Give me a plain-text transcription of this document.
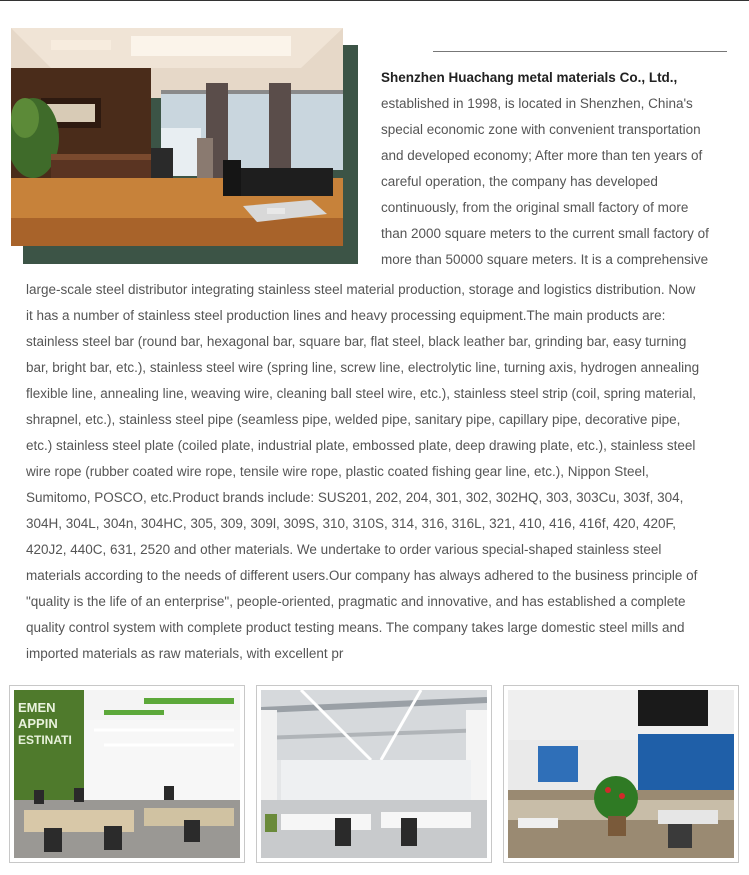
Shenzhen Huachang metal materials Co., Ltd.,
established in 1998, is located in Shenzhen, China's
special economic zone with convenient transportation
and developed economy; After more than ten years of
careful operation, the company has developed
continuously, from the original small factory of more
than 2000 square meters to the current small factory of
more than 50000 square meters. It is a comprehensive
large-scale steel distributor integrating stainless steel material production, storage and logistics distribution. Now
it has a number of stainless steel production lines and heavy processing equipment.The main products are:
stainless steel bar (round bar, hexagonal bar, square bar, flat steel, black leather bar, grinding bar, easy turning
bar, bright bar, etc.), stainless steel wire (spring line, screw line, electrolytic line, turning axis, hydrogen annealing
flexible line, annealing line, weaving wire, cleaning ball steel wire, etc.), stainless steel strip (coil, spring material,
shrapnel, etc.), stainless steel pipe (seamless pipe, welded pipe, sanitary pipe, capillary pipe, decorative pipe,
etc.) stainless steel plate (coiled plate, industrial plate, embossed plate, deep drawing plate, etc.), stainless steel
wire rope (rubber coated wire rope, tensile wire rope, plastic coated fishing gear line, etc.), Nippon Steel,
Sumitomo, POSCO, etc.Product brands include: SUS201, 202, 204, 301, 302, 302HQ, 303, 303Cu, 303f, 304,
304H, 304L, 304n, 304HC, 305, 309, 309l, 309S, 310, 310S, 314, 316, 316L, 321, 410, 416, 416f, 420, 420F,
420J2, 440C, 631, 2520 and other materials. We undertake to order various special-shaped stainless steel
materials according to the needs of different users.Our company has always adhered to the business principle of
"quality is the life of an enterprise", people-oriented, pragmatic and innovative, and has established a complete
quality control system with complete product testing means. The company takes large domestic steel mills and
imported materials as raw materials, with excellent pr
EMEN
APPIN
ESTINATI
